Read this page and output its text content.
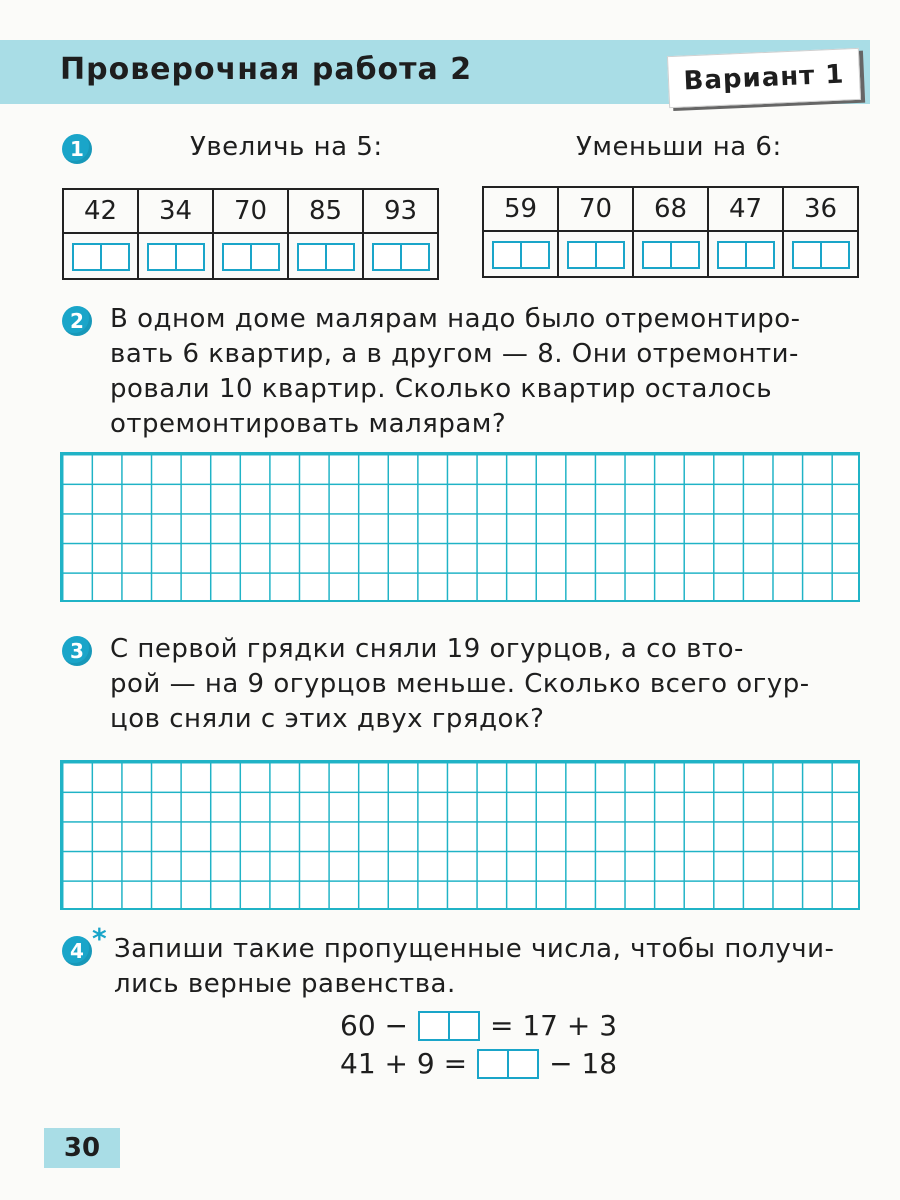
Проверочная работа 2	Вариант 1
1	Увеличь на 5:	Уменьши на 6:
42	34	70	85	93

		59	70	68	47	36

2	В одном доме малярам надо было отремонтиро-
вать 6 квартир, а в другом — 8. Они отремонти-
ровали 10 квартир. Сколько квартир осталось
отремонтировать малярам?
3	С первой грядки сняли 19 огурцов, а со вто-
рой — на 9 огурцов меньше. Сколько всего огур-
цов сняли с этих двух грядок?
4 * Запиши такие пропущенные числа, чтобы получи-
лись верные равенства.
60 −	= 17 + 3
41 + 9 =	− 18
30
